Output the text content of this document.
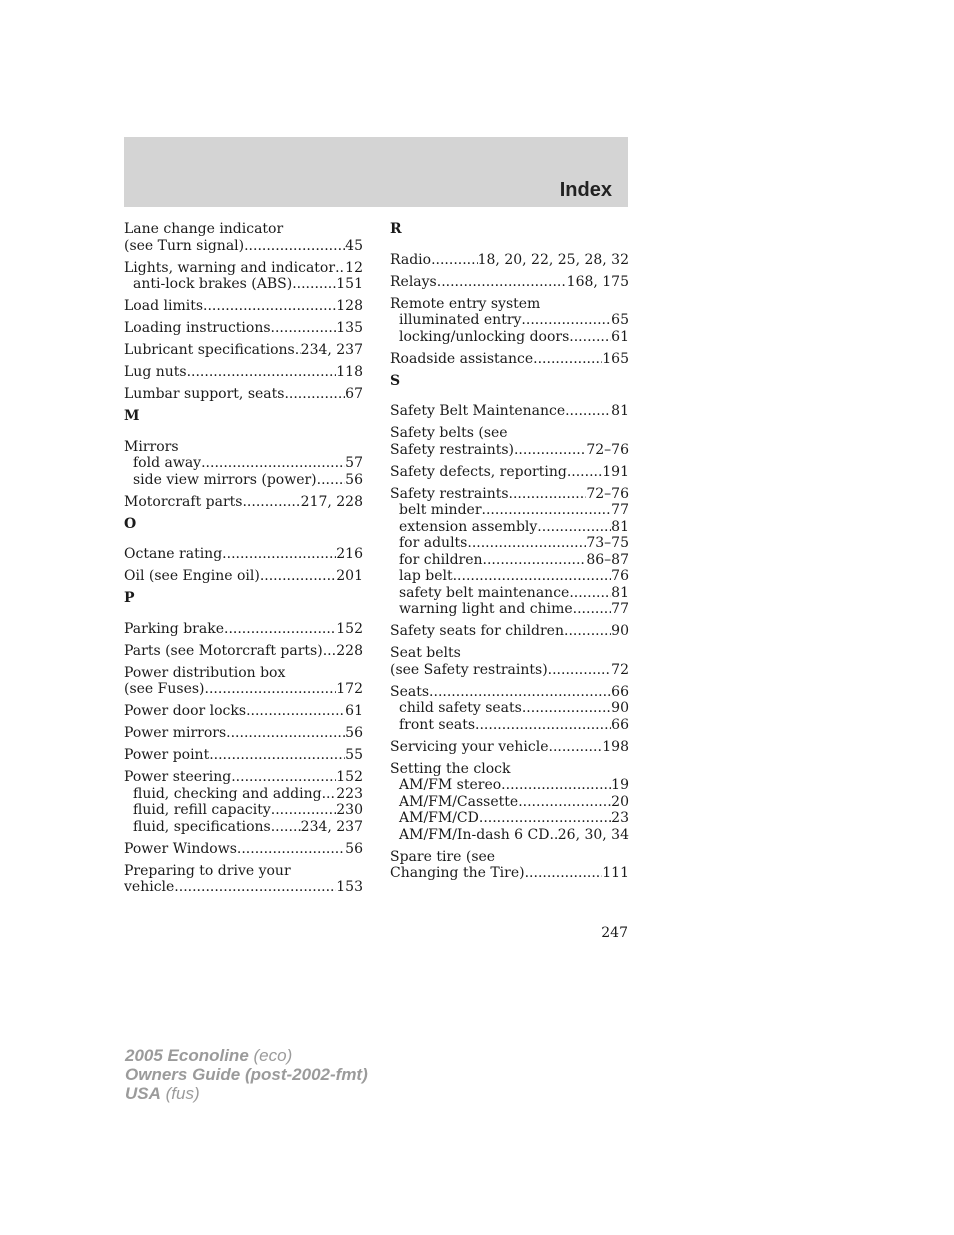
Index
Lane change indicator
(see Turn signal) .....	45
Lights, warning and indicator ..... 12
anti-lock brakes (ABS) .....	151
Load limits .....	128
Loading instructions .....	135
Lubricant specifications ..... 234, 237
Lug nuts .....	118
Lumbar support, seats .....	67
M
Mirrors
fold away .....	57
side view mirrors (power) ..... 56
Motorcraft parts .....	217, 228
O
Octane rating .....	216
Oil (see Engine oil) .....	201
P
Parking brake .....	152
Parts (see Motorcraft parts) ..... 228
Power distribution box
(see Fuses) .....	172
Power door locks .....	61
Power mirrors .....	56
Power point .....	55
Power steering .....	152
fluid, checking and adding ..... 223
fluid, refill capacity .....	230
fluid, specifications ..... 234, 237
Power Windows .....	56
Preparing to drive your
vehicle .....	153
R
Radio .....	18, 20, 22, 25, 28, 32
Relays .....	168, 175
Remote entry system
illuminated entry .....	65
locking/unlocking doors .....	61
Roadside assistance .....	165
S
Safety Belt Maintenance .....	81
Safety belts (see
Safety restraints) .....	72–76
Safety defects, reporting .....	191
Safety restraints .....	72–76
belt minder .....	77
extension assembly .....	81
for adults .....	73–75
for children .....	86–87
lap belt .....	76
safety belt maintenance .....	81
warning light and chime .....	77
Safety seats for children .....	90
Seat belts
(see Safety restraints) .....	72
Seats .....	66
child safety seats .....	90
front seats .....	66
Servicing your vehicle .....	198
Setting the clock
AM/FM stereo .....	19
AM/FM/Cassette .....	20
AM/FM/CD .....	23
AM/FM/In-dash 6 CD ..... 26, 30, 34
Spare tire (see
Changing the Tire) .....	111
247
2005 Econoline (eco)
Owners Guide (post-2002-fmt)
USA (fus)
